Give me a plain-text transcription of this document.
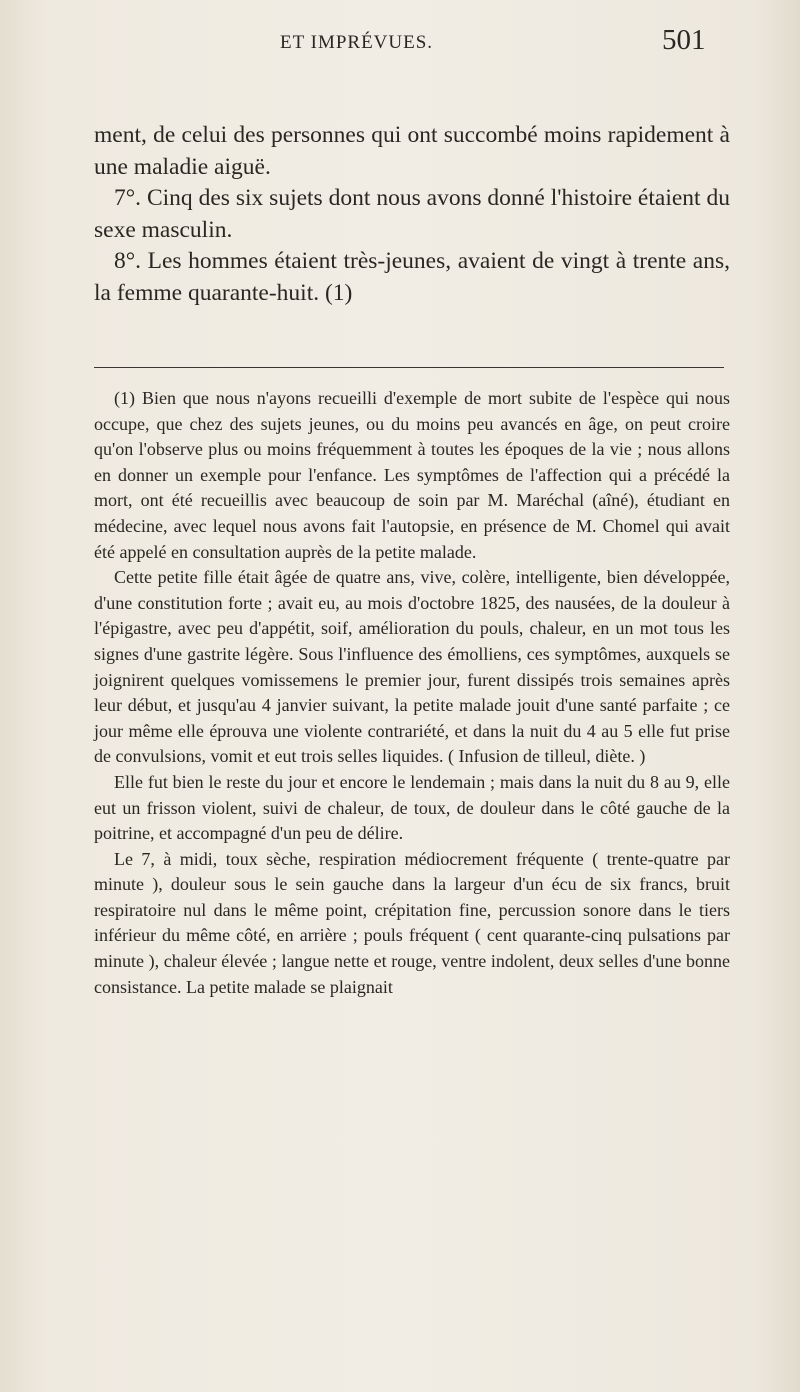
ET IMPRÉVUES.	501

ment, de celui des personnes qui ont succombé moins rapidement à une maladie aiguë.

7°. Cinq des six sujets dont nous avons donné l'histoire étaient du sexe masculin.

8°. Les hommes étaient très-jeunes, avaient de vingt à trente ans, la femme quarante-huit. (1)

(1) Bien que nous n'ayons recueilli d'exemple de mort subite de l'espèce qui nous occupe, que chez des sujets jeunes, ou du moins peu avancés en âge, on peut croire qu'on l'observe plus ou moins fréquemment à toutes les époques de la vie ; nous allons en donner un exemple pour l'enfance. Les symptômes de l'affection qui a précédé la mort, ont été recueillis avec beaucoup de soin par M. Maréchal (aîné), étudiant en médecine, avec lequel nous avons fait l'autopsie, en présence de M. Chomel qui avait été appelé en consultation auprès de la petite malade.

Cette petite fille était âgée de quatre ans, vive, colère, intelligente, bien développée, d'une constitution forte ; avait eu, au mois d'octobre 1825, des nausées, de la douleur à l'épigastre, avec peu d'appétit, soif, amélioration du pouls, chaleur, en un mot tous les signes d'une gastrite légère. Sous l'influence des émolliens, ces symptômes, auxquels se joignirent quelques vomissemens le premier jour, furent dissipés trois semaines après leur début, et jusqu'au 4 janvier suivant, la petite malade jouit d'une santé parfaite ; ce jour même elle éprouva une violente contrariété, et dans la nuit du 4 au 5 elle fut prise de convulsions, vomit et eut trois selles liquides. ( Infusion de tilleul, diète. )

Elle fut bien le reste du jour et encore le lendemain ; mais dans la nuit du 8 au 9, elle eut un frisson violent, suivi de chaleur, de toux, de douleur dans le côté gauche de la poitrine, et accompagné d'un peu de délire.

Le 7, à midi, toux sèche, respiration médiocrement fréquente ( trente-quatre par minute ), douleur sous le sein gauche dans la largeur d'un écu de six francs, bruit respiratoire nul dans le même point, crépitation fine, percussion sonore dans le tiers inférieur du même côté, en arrière ; pouls fréquent ( cent quarante-cinq pulsations par minute ), chaleur élevée ; langue nette et rouge, ventre indolent, deux selles d'une bonne consistance. La petite malade se plaignait
